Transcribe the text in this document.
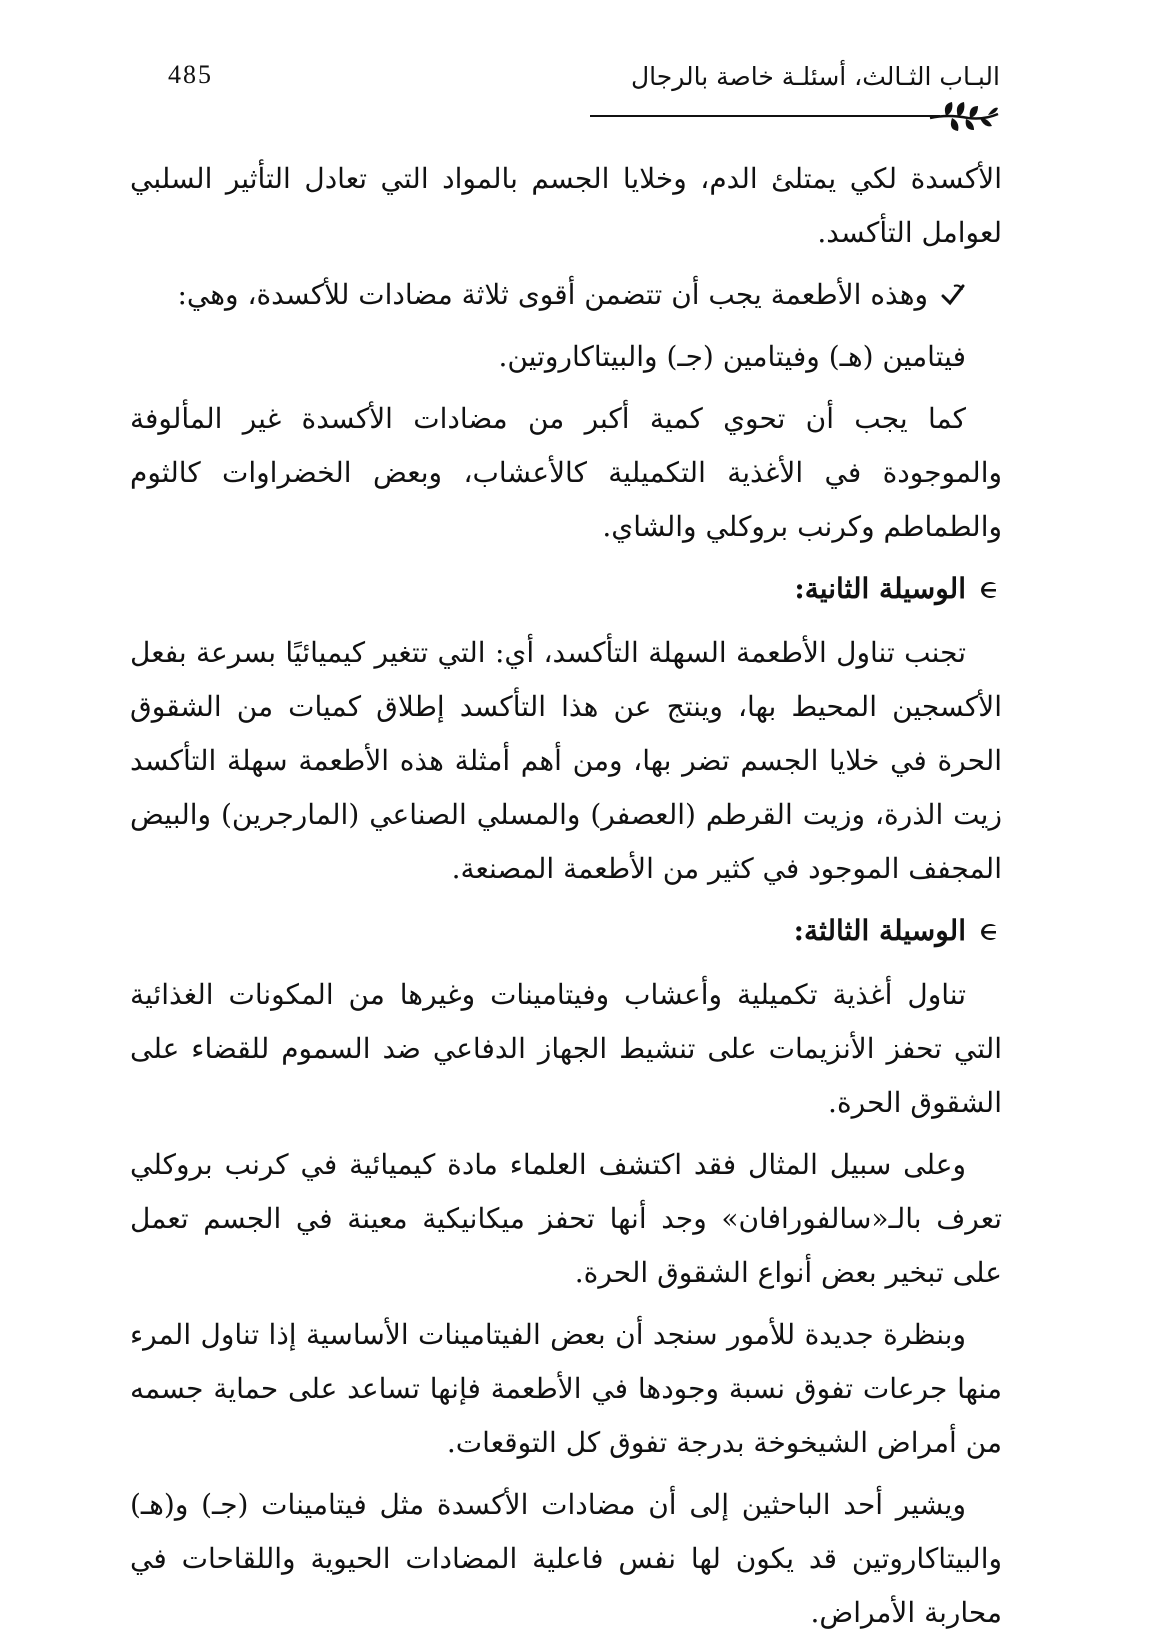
485	البـاب الثـالث، أسئلـة خاصة بالرجال

الأكسدة لكي يمتلئ الدم، وخلايا الجسم بالمواد التي تعادل التأثير السلبي لعوامل التأكسد.

وهذه الأطعمة يجب أن تتضمن أقوى ثلاثة مضادات للأكسدة، وهي:

فيتامين (هـ) وفيتامين (جـ) والبيتاكاروتين.

كما يجب أن تحوي كمية أكبر من مضادات الأكسدة غير المألوفة والموجودة في الأغذية التكميلية كالأعشاب، وبعض الخضراوات كالثوم والطماطم وكرنب بروكلي والشاي.

الوسيلة الثانية:

تجنب تناول الأطعمة السهلة التأكسد، أي: التي تتغير كيميائيًا بسرعة بفعل الأكسجين المحيط بها، وينتج عن هذا التأكسد إطلاق كميات من الشقوق الحرة في خلايا الجسم تضر بها، ومن أهم أمثلة هذه الأطعمة سهلة التأكسد زيت الذرة، وزيت القرطم (العصفر) والمسلي الصناعي (المارجرين) والبيض المجفف الموجود في كثير من الأطعمة المصنعة.

الوسيلة الثالثة:

تناول أغذية تكميلية وأعشاب وفيتامينات وغيرها من المكونات الغذائية التي تحفز الأنزيمات على تنشيط الجهاز الدفاعي ضد السموم للقضاء على الشقوق الحرة.

وعلى سبيل المثال فقد اكتشف العلماء مادة كيميائية في كرنب بروكلي تعرف بالـ«سالفورافان» وجد أنها تحفز ميكانيكية معينة في الجسم تعمل على تبخير بعض أنواع الشقوق الحرة.

وبنظرة جديدة للأمور سنجد أن بعض الفيتامينات الأساسية إذا تناول المرء منها جرعات تفوق نسبة وجودها في الأطعمة فإنها تساعد على حماية جسمه من أمراض الشيخوخة بدرجة تفوق كل التوقعات.

ويشير أحد الباحثين إلى أن مضادات الأكسدة مثل فيتامينات (جـ) و(هـ) والبيتاكاروتين قد يكون لها نفس فاعلية المضادات الحيوية واللقاحات في محاربة الأمراض.
